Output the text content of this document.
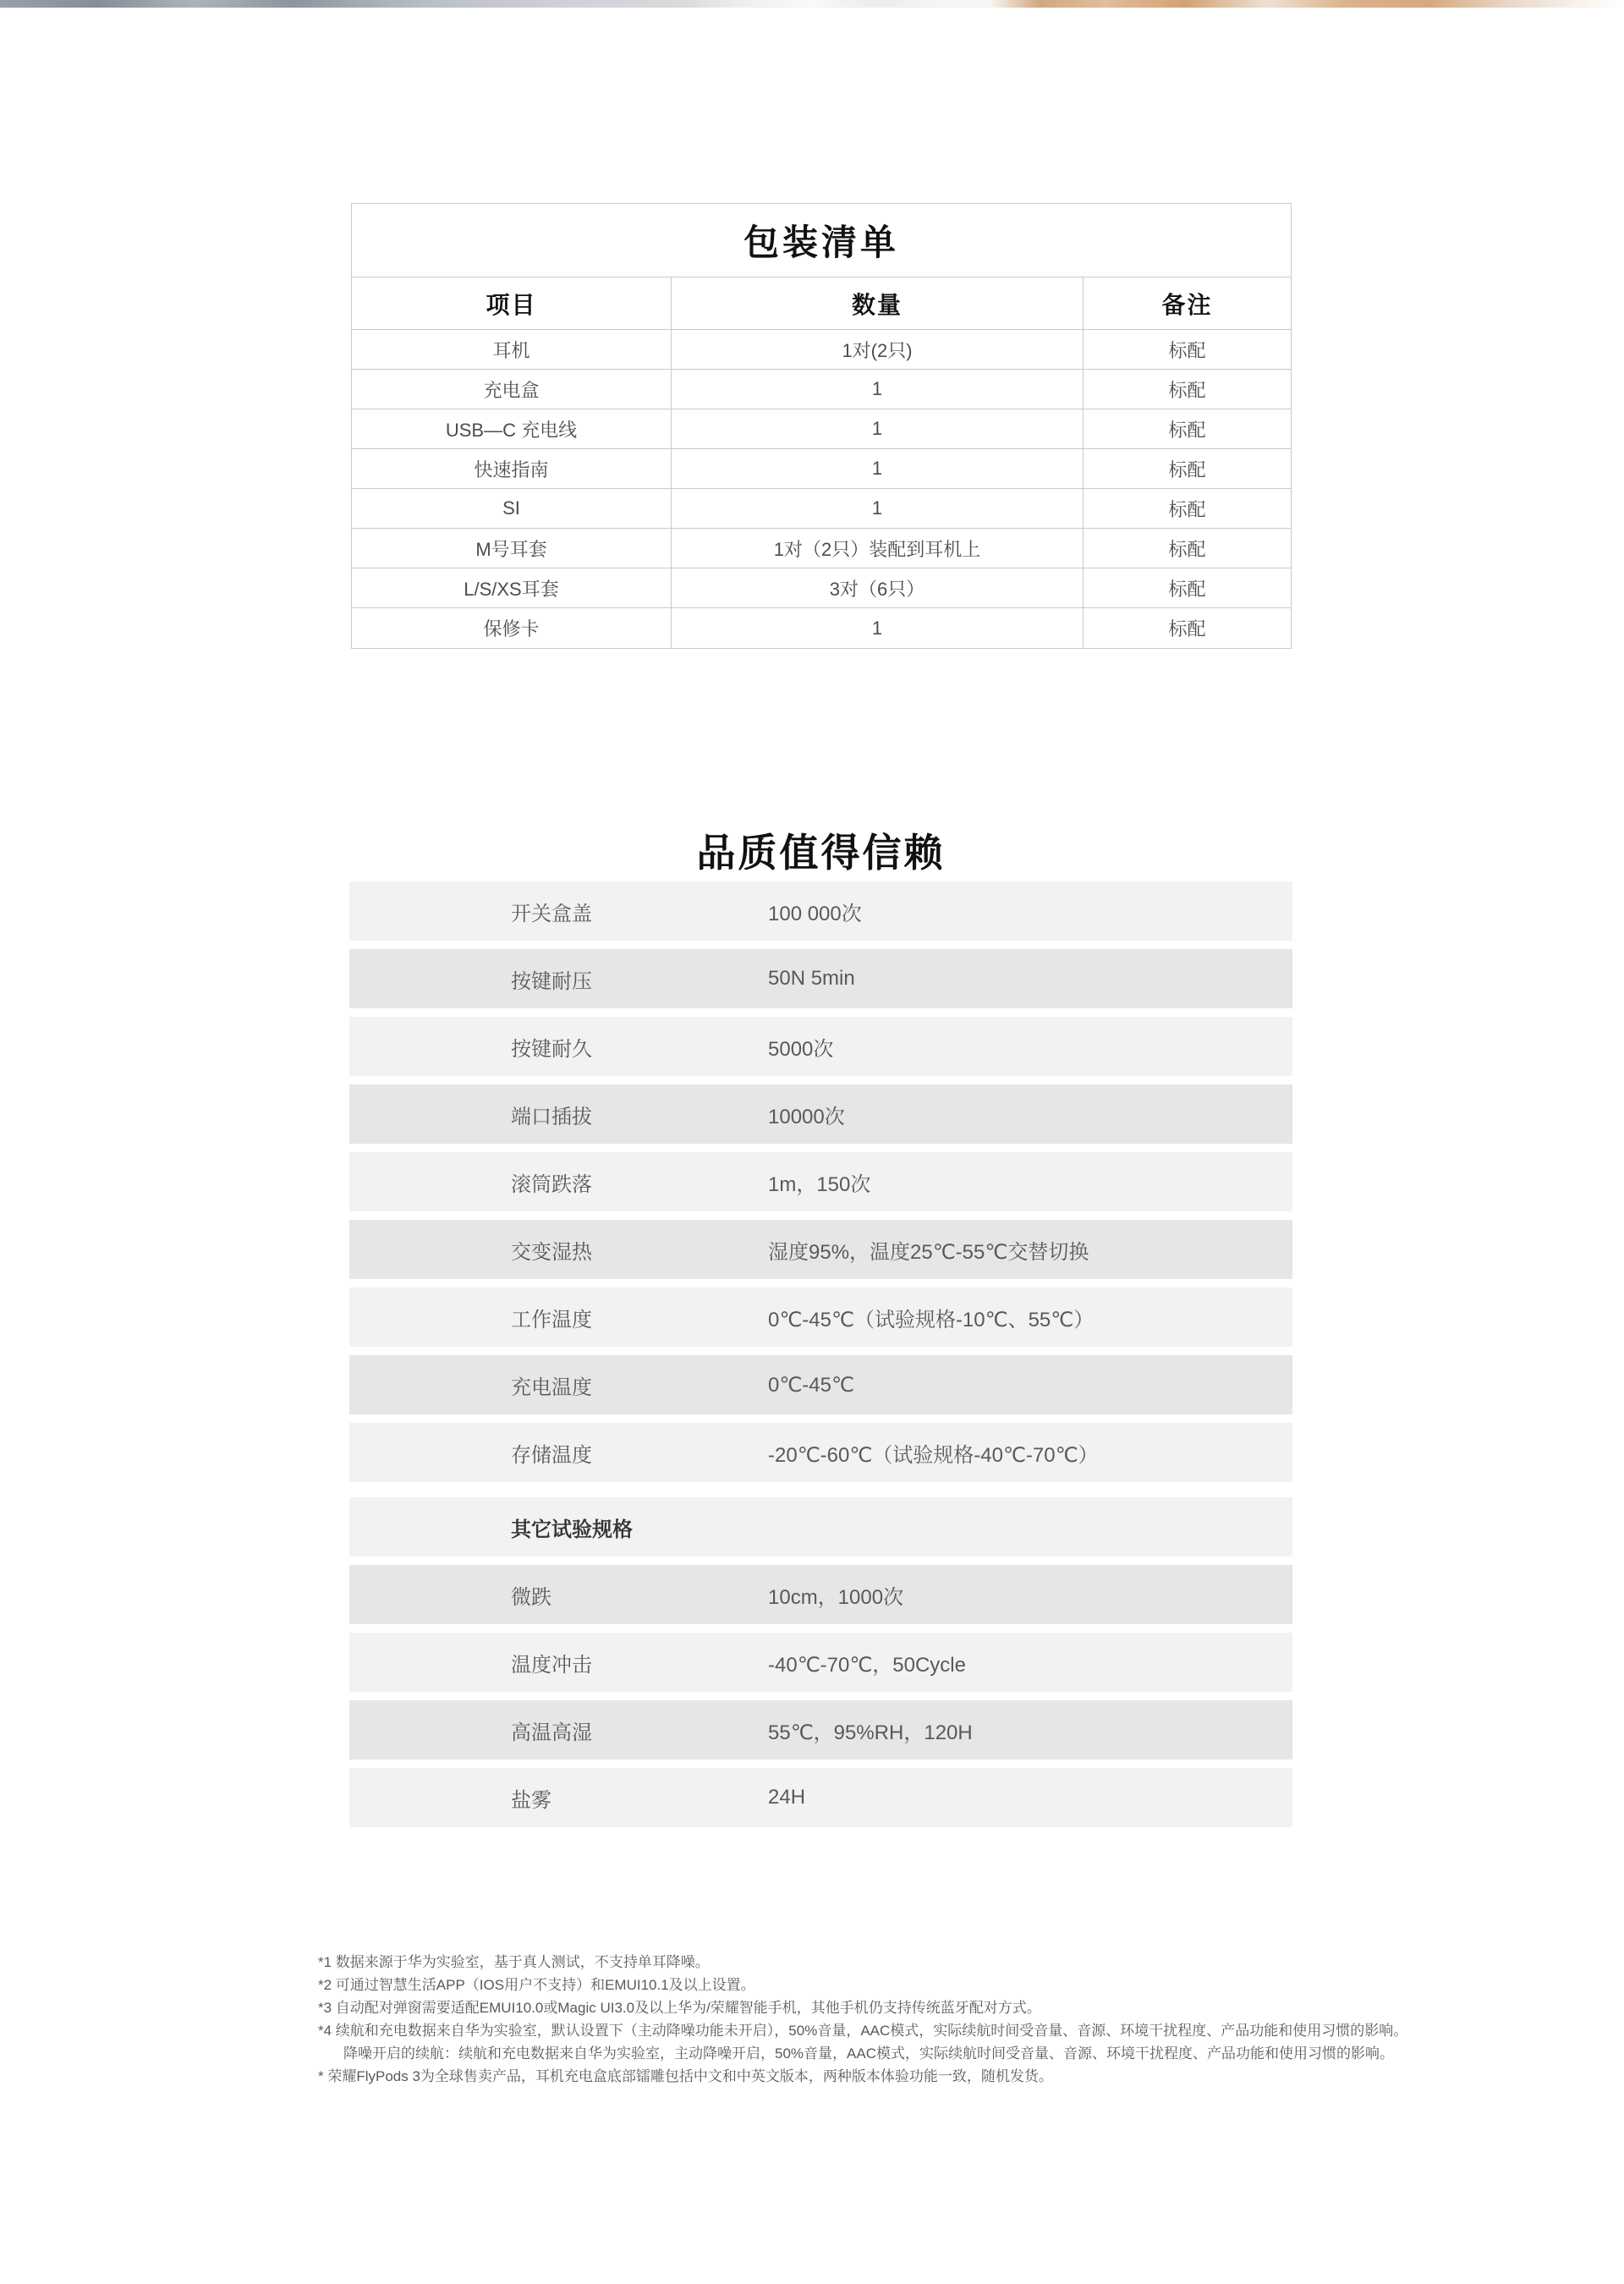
包装清单
项目	数量	备注
耳机	1对(2只)	标配
充电盒	1	标配
USB—C 充电线	1	标配
快速指南	1	标配
SI	1	标配
M号耳套	1对（2只）装配到耳机上	标配
L/S/XS耳套	3对（6只）	标配
保修卡	1	标配
品质值得信赖
开关盒盖	100 000次
按键耐压	50N 5min
按键耐久	5000次
端口插拔	10000次
滚筒跌落	1m，150次
交变湿热	湿度95%，温度25℃-55℃交替切换
工作温度	0℃-45℃（试验规格-10℃、55℃）
充电温度	0℃-45℃
存储温度	-20℃-60℃（试验规格-40℃-70℃）
其它试验规格
微跌	10cm，1000次
温度冲击	-40℃-70℃，50Cycle
高温高湿	55℃，95%RH，120H
盐雾	24H
*1 数据来源于华为实验室，基于真人测试，不支持单耳降噪。
*2 可通过智慧生活APP（IOS用户不支持）和EMUI10.1及以上设置。
*3 自动配对弹窗需要适配EMUI10.0或Magic UI3.0及以上华为/荣耀智能手机，其他手机仍支持传统蓝牙配对方式。
*4 续航和充电数据来自华为实验室，默认设置下（主动降噪功能未开启），50%音量，AAC模式，实际续航时间受音量、音源、环境干扰程度、产品功能和使用习惯的影响。
降噪开启的续航：续航和充电数据来自华为实验室，主动降噪开启，50%音量，AAC模式，实际续航时间受音量、音源、环境干扰程度、产品功能和使用习惯的影响。
* 荣耀FlyPods 3为全球售卖产品，耳机充电盒底部镭雕包括中文和中英文版本，两种版本体验功能一致，随机发货。
